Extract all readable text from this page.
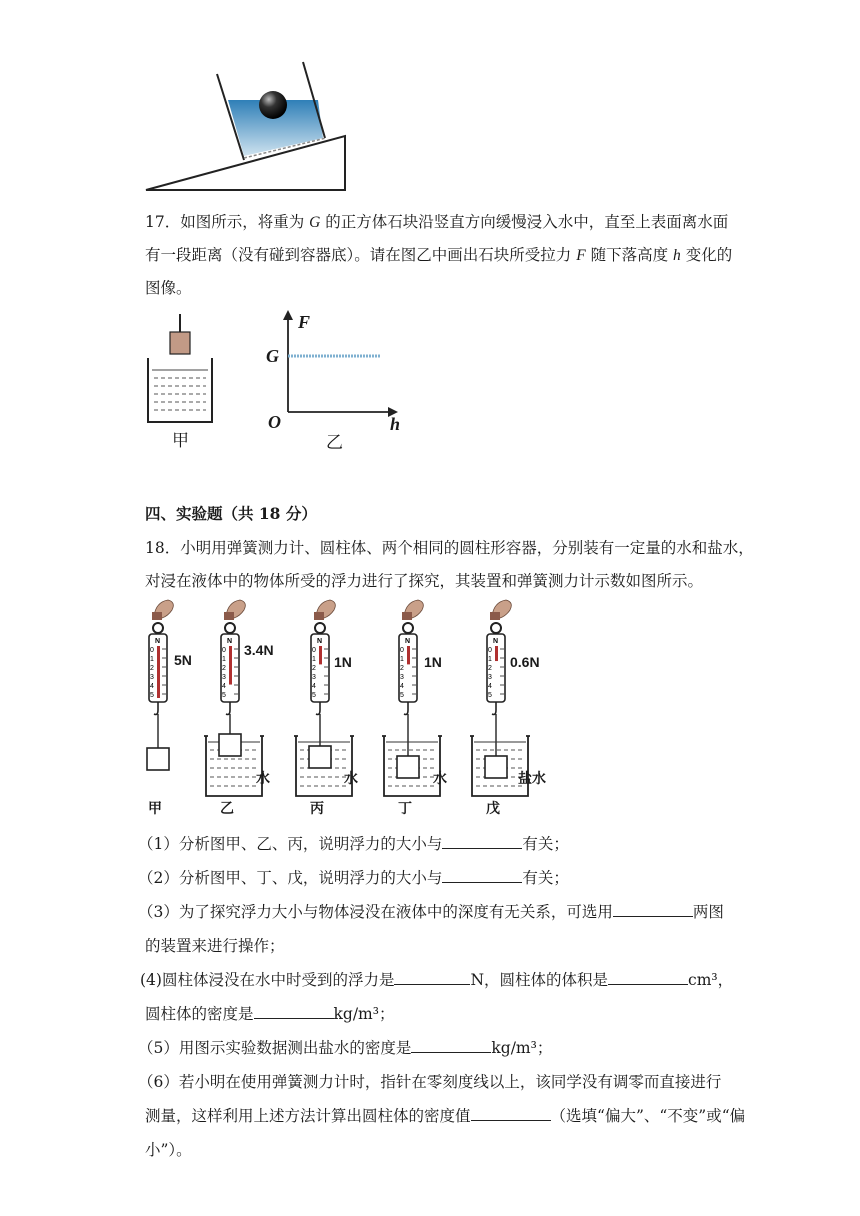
17．如图所示，将重为 G 的正方体石块沿竖直方向缓慢浸入水中，直至上表面离水面
有一段距离（没有碰到容器底）。请在图乙中画出石块所受拉力 F 随下落高度 h 变化的
图像。
甲
F
G
O	h
乙
四、实验题（共 18 分）
18．小明用弹簧测力计、圆柱体、两个相同的圆柱形容器，分别装有一定量的水和盐水，
对浸在液体中的物体所受的浮力进行了探究，其装置和弹簧测力计示数如图所示。
N
0
1
2
3
4
5
N
0
1
2
3
4
5
N
0
1
2
3
4
5
N
0
1
2
3
4
5
N
0
1
2
3
4
5
5N
3.4N
1N	1N	0.6N
水	水	水	盐水
甲	乙	丙	丁	戊
（1）分析图甲、乙、丙，说明浮力的大小与	有关；
（2）分析图甲、丁、戊，说明浮力的大小与	有关；
（3）为了探究浮力大小与物体浸没在液体中的深度有无关系，可选用	两图
的装置来进行操作；
(4)圆柱体浸没在水中时受到的浮力是	N，圆柱体的体积是	cm³，
圆柱体的密度是	kg/m³；
（5）用图示实验数据测出盐水的密度是	kg/m³；
（6）若小明在使用弹簧测力计时，指针在零刻度线以上，该同学没有调零而直接进行
测量，这样利用上述方法计算出圆柱体的密度值	（选填“偏大”、“不变”或“偏
小”）。
